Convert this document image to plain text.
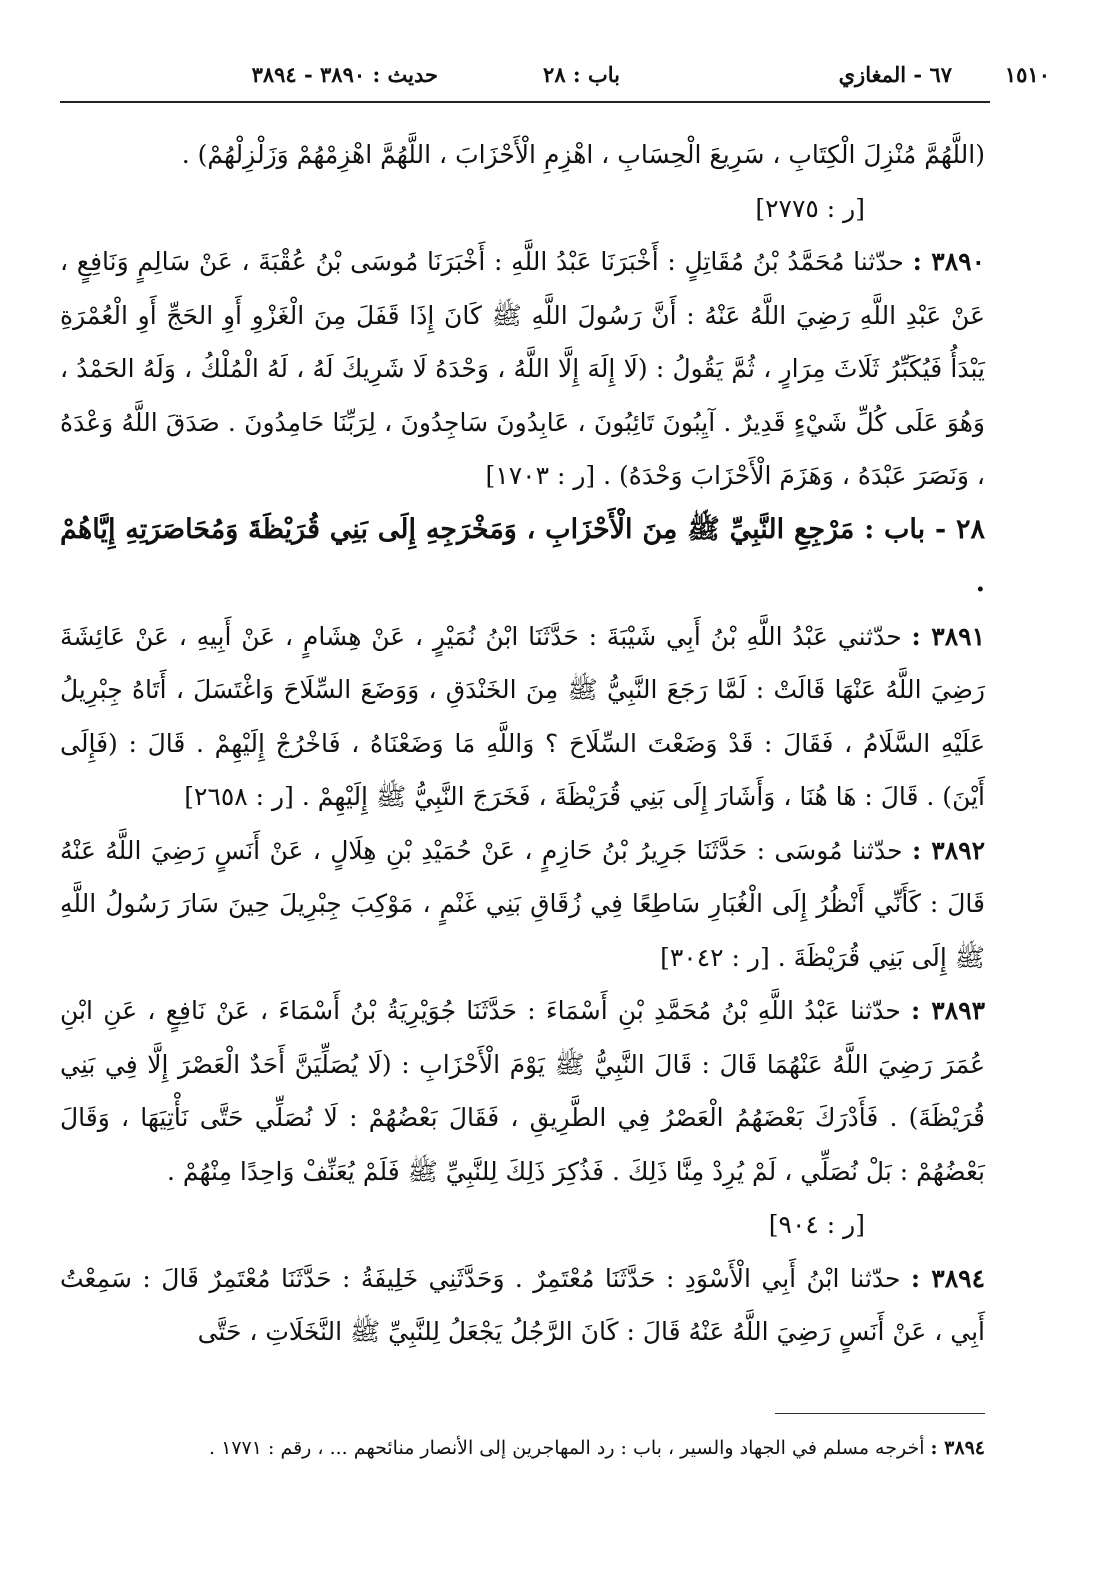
١٥١٠
٦٧ - المغازي
باب : ٢٨
حديث : ٣٨٩٠ - ٣٨٩٤

(اللَّهُمَّ مُنْزِلَ الْكِتَابِ ، سَرِيعَ الْحِسَابِ ، اهْزِمِ الْأَحْزَابَ ، اللَّهُمَّ اهْزِمْهُمْ وَزَلْزِلْهُمْ) .
[ر : ٢٧٧٥]

٣٨٩٠ : حدّثنا مُحَمَّدُ بْنُ مُقَاتِلٍ : أَخْبَرَنَا عَبْدُ اللَّهِ : أَخْبَرَنَا مُوسَى بْنُ عُقْبَةَ ، عَنْ سَالِمٍ وَنَافِعٍ ، عَنْ عَبْدِ اللَّهِ رَضِيَ اللَّهُ عَنْهُ : أَنَّ رَسُولَ اللَّهِ ﷺ كَانَ إِذَا قَفَلَ مِنَ الْغَزْوِ أَوِ الحَجِّ أَوِ الْعُمْرَةِ يَبْدَأُ فَيُكَبِّرُ ثَلَاثَ مِرَارٍ ، ثُمَّ يَقُولُ : (لَا إِلَهَ إِلَّا اللَّهُ ، وَحْدَهُ لَا شَرِيكَ لَهُ ، لَهُ الْمُلْكُ ، وَلَهُ الحَمْدُ ، وَهُوَ عَلَى كُلِّ شَيْءٍ قَدِيرٌ . آيِبُونَ تَائِبُونَ ، عَابِدُونَ سَاجِدُونَ ، لِرَبِّنَا حَامِدُونَ . صَدَقَ اللَّهُ وَعْدَهُ ، وَنَصَرَ عَبْدَهُ ، وَهَزَمَ الْأَحْزَابَ وَحْدَهُ) . [ر : ١٧٠٣]

٢٨ - باب : مَرْجِعِ النَّبِيِّ ﷺ مِنَ الْأَحْزَابِ ، وَمَخْرَجِهِ إِلَى بَنِي قُرَيْظَةَ وَمُحَاصَرَتِهِ إِيَّاهُمْ .

٣٨٩١ : حدّثني عَبْدُ اللَّهِ بْنُ أَبِي شَيْبَةَ : حَدَّثَنَا ابْنُ نُمَيْرٍ ، عَنْ هِشَامٍ ، عَنْ أَبِيهِ ، عَنْ عَائِشَةَ رَضِيَ اللَّهُ عَنْهَا قَالَتْ : لَمَّا رَجَعَ النَّبِيُّ ﷺ مِنَ الخَنْدَقِ ، وَوَضَعَ السِّلَاحَ وَاغْتَسَلَ ، أَتَاهُ جِبْرِيلُ عَلَيْهِ السَّلَامُ ، فَقَالَ : قَدْ وَضَعْتَ السِّلَاحَ ؟ وَاللَّهِ مَا وَضَعْنَاهُ ، فَاخْرُجْ إِلَيْهِمْ . قَالَ : (فَإِلَى أَيْنَ) . قَالَ : هَا هُنَا ، وَأَشَارَ إِلَى بَنِي قُرَيْظَةَ ، فَخَرَجَ النَّبِيُّ ﷺ إِلَيْهِمْ . [ر : ٢٦٥٨]

٣٨٩٢ : حدّثنا مُوسَى : حَدَّثَنَا جَرِيرُ بْنُ حَازِمٍ ، عَنْ حُمَيْدِ بْنِ هِلَالٍ ، عَنْ أَنَسٍ رَضِيَ اللَّهُ عَنْهُ قَالَ : كَأَنِّي أَنْظُرُ إِلَى الْغُبَارِ سَاطِعًا فِي زُقَاقِ بَنِي غَنْمٍ ، مَوْكِبَ جِبْرِيلَ حِينَ سَارَ رَسُولُ اللَّهِ ﷺ إِلَى بَنِي قُرَيْظَةَ . [ر : ٣٠٤٢]

٣٨٩٣ : حدّثنا عَبْدُ اللَّهِ بْنُ مُحَمَّدِ بْنِ أَسْمَاءَ : حَدَّثَنَا جُوَيْرِيَةُ بْنُ أَسْمَاءَ ، عَنْ نَافِعٍ ، عَنِ ابْنِ عُمَرَ رَضِيَ اللَّهُ عَنْهُمَا قَالَ : قَالَ النَّبِيُّ ﷺ يَوْمَ الْأَحْزَابِ : (لَا يُصَلِّيَنَّ أَحَدٌ الْعَصْرَ إِلَّا فِي بَنِي قُرَيْظَةَ) . فَأَدْرَكَ بَعْضَهُمُ الْعَصْرُ فِي الطَّرِيقِ ، فَقَالَ بَعْضُهُمْ : لَا نُصَلِّي حَتَّى نَأْتِيَهَا ، وَقَالَ بَعْضُهُمْ : بَلْ نُصَلِّي ، لَمْ يُرِدْ مِنَّا ذَلِكَ . فَذُكِرَ ذَلِكَ لِلنَّبِيِّ ﷺ فَلَمْ يُعَنِّفْ وَاحِدًا مِنْهُمْ .
[ر : ٩٠٤]

٣٨٩٤ : حدّثنا ابْنُ أَبِي الْأَسْوَدِ : حَدَّثَنَا مُعْتَمِرٌ . وَحَدَّثَنِي خَلِيفَةُ : حَدَّثَنَا مُعْتَمِرٌ قَالَ : سَمِعْتُ أَبِي ، عَنْ أَنَسٍ رَضِيَ اللَّهُ عَنْهُ قَالَ : كَانَ الرَّجُلُ يَجْعَلُ لِلنَّبِيِّ ﷺ النَّخَلَاتِ ، حَتَّى

٣٨٩٤ : أخرجه مسلم في الجهاد والسير ، باب : رد المهاجرين إلى الأنصار منائحهم ... ، رقم : ١٧٧١ .
